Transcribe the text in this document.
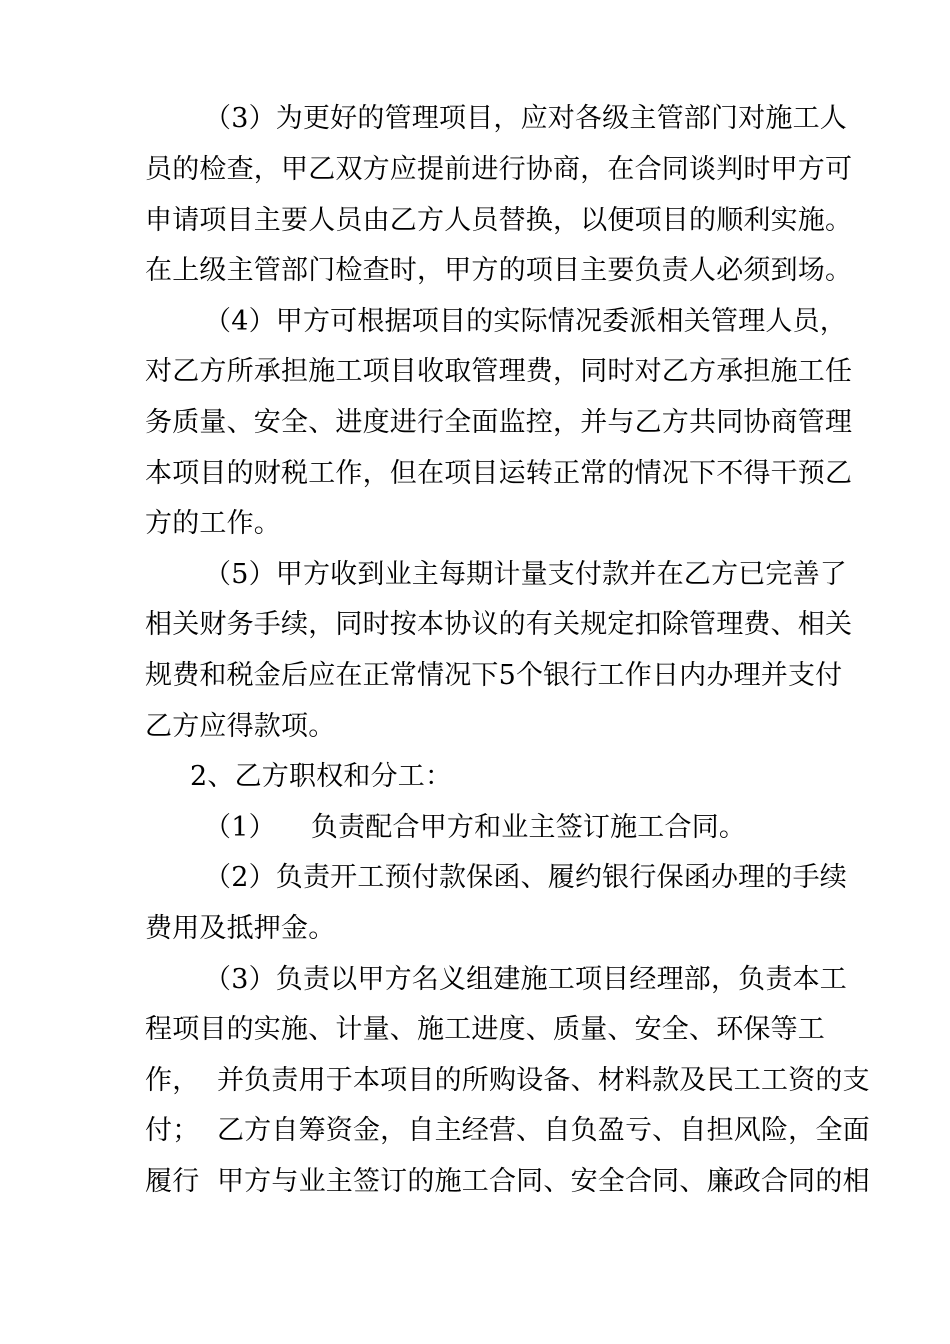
（3）为更好的管理项目，应对各级主管部门对施工人
员的检查，甲乙双方应提前进行协商，在合同谈判时甲方可
申请项目主要人员由乙方人员替换，以便项目的顺利实施。
在上级主管部门检查时，甲方的项目主要负责人必须到场。
（4）甲方可根据项目的实际情况委派相关管理人员，
对乙方所承担施工项目收取管理费，同时对乙方承担施工任
务质量、安全、进度进行全面监控，并与乙方共同协商管理
本项目的财税工作，但在项目运转正常的情况下不得干预乙
方的工作。
（5）甲方收到业主每期计量支付款并在乙方已完善了
相关财务手续，同时按本协议的有关规定扣除管理费、相关
规费和税金后应在正常情况下5个银行工作日内办理并支付
乙方应得款项。
2、乙方职权和分工：
（1）    负责配合甲方和业主签订施工合同。
（2）负责开工预付款保函、履约银行保函办理的手续
费用及抵押金。
（3）负责以甲方名义组建施工项目经理部，负责本工
程项目的实施、计量、施工进度、质量、安全、环保等工
作，  并负责用于本项目的所购设备、材料款及民工工资的支
付；  乙方自筹资金，自主经营、自负盈亏、自担风险，全面
履行  甲方与业主签订的施工合同、安全合同、廉政合同的相
